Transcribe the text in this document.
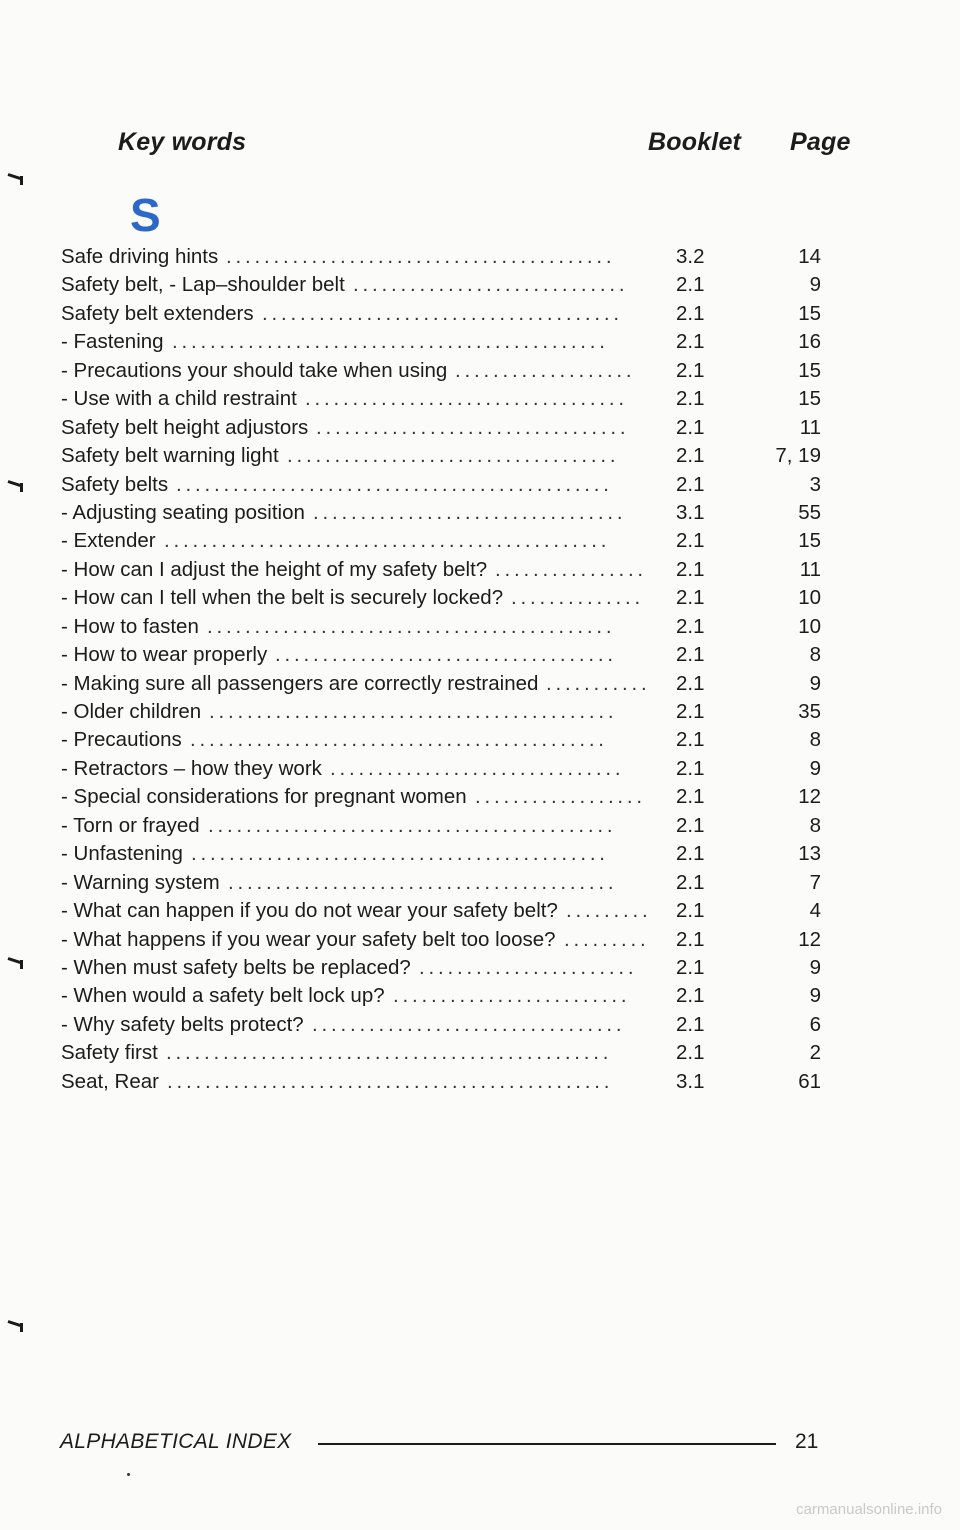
Key words	Booklet Page
S
Safe driving hints .........................................	3.2	14
Safety belt, - Lap–shoulder belt .............................	2.1	9
Safety belt extenders ......................................	2.1	15
- Fastening ..............................................	2.1	16
- Precautions your should take when using ...................	2.1	15
- Use with a child restraint ..................................	2.1	15
Safety belt height adjustors .................................	2.1	11
Safety belt warning light ...................................	2.1	7, 19
Safety belts ..............................................	2.1	3
- Adjusting seating position .................................	3.1	55
- Extender ...............................................	2.1	15
- How can I adjust the height of my safety belt? ................	2.1	11
- How can I tell when the belt is securely locked? ..............	2.1	10
- How to fasten ...........................................	2.1	10
- How to wear properly ....................................	2.1	8
- Making sure all passengers are correctly restrained ...........	2.1	9
- Older children ...........................................	2.1	35
- Precautions ............................................	2.1	8
- Retractors – how they work ...............................	2.1	9
- Special considerations for pregnant women ..................	2.1	12
- Torn or frayed ...........................................	2.1	8
- Unfastening ............................................	2.1	13
- Warning system .........................................	2.1	7
- What can happen if you do not wear your safety belt? .........	2.1	4
- What happens if you wear your safety belt too loose? .........	2.1	12
- When must safety belts be replaced? .......................	2.1	9
- When would a safety belt lock up? .........................	2.1	9
- Why safety belts protect? .................................	2.1	6
Safety first ...............................................	2.1	2
Seat, Rear ...............................................	3.1	61
ALPHABETICAL INDEX	21
carmanualsonline.info
